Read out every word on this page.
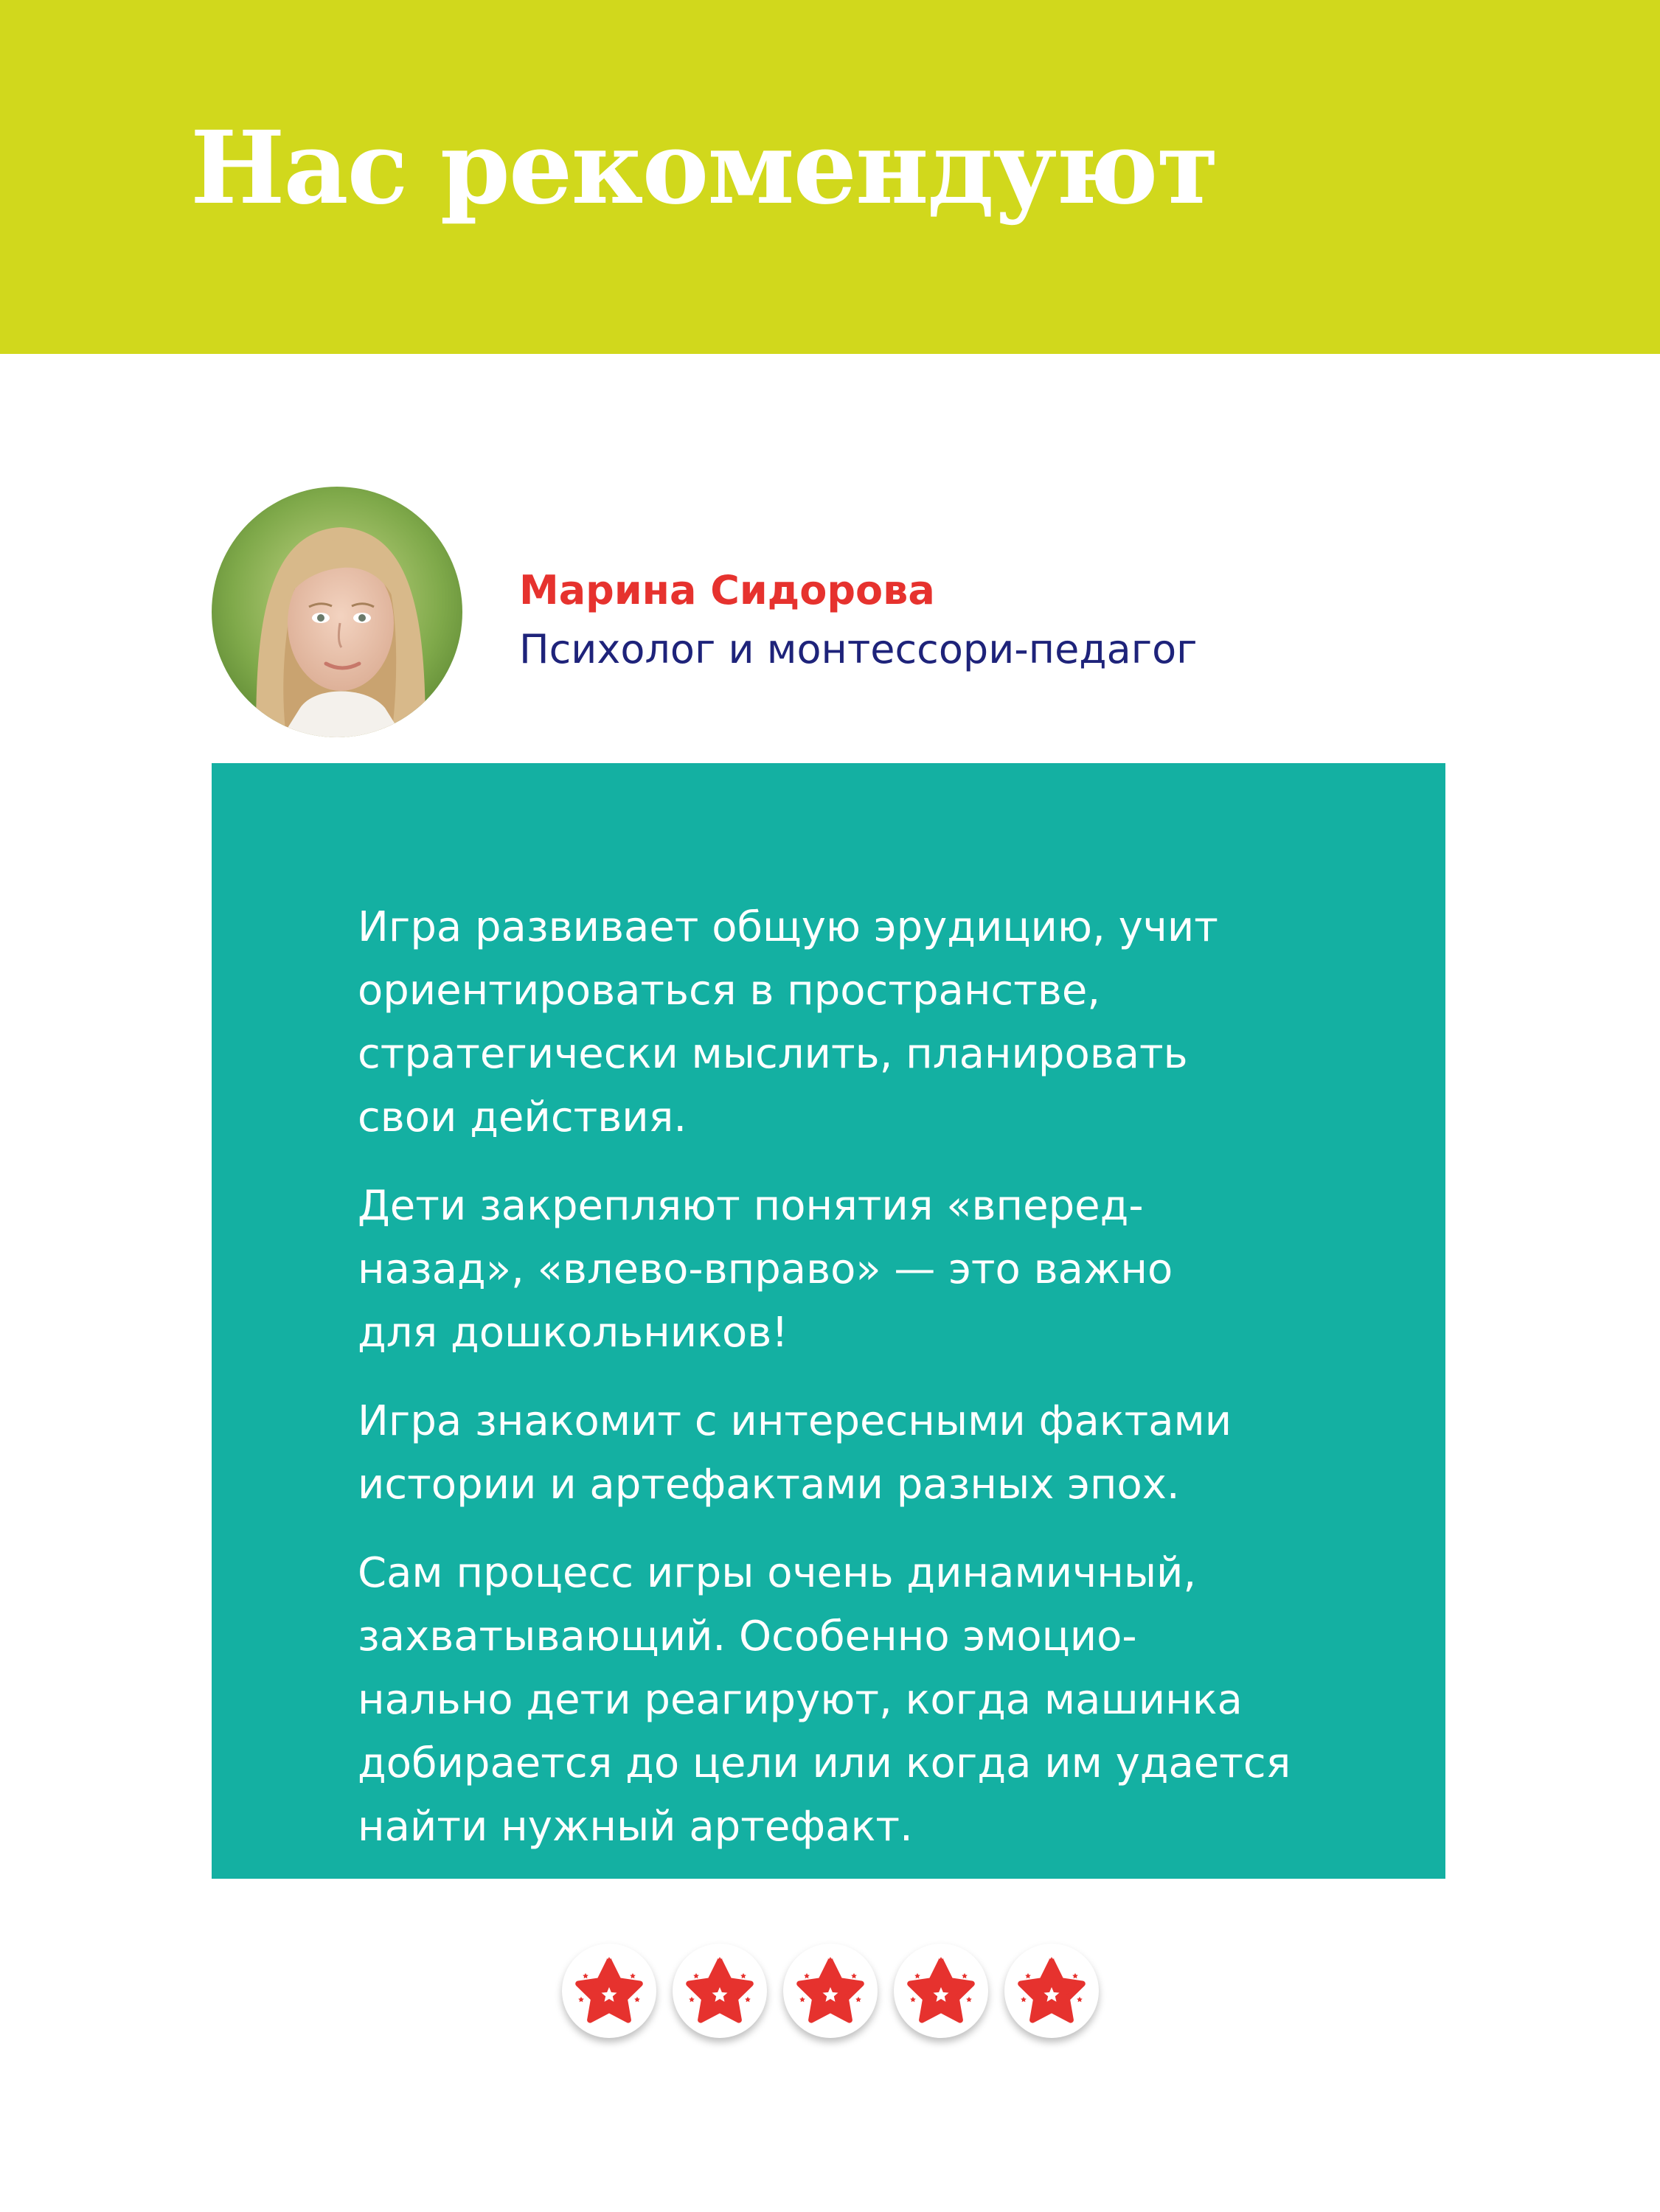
Нас рекомендуют

Марина Сидорова

Психолог и монтессори-педагог

Игра развивает общую эрудицию, учит
ориентироваться в пространстве,
стратегически мыслить, планировать
свои действия.

Дети закрепляют понятия «вперед-
назад», «влево-вправо» — это важно
для дошкольников!

Игра знакомит с интересными фактами
истории и артефактами разных эпох.

Сам процесс игры очень динамичный,
захватывающий. Особенно эмоцио-
нально дети реагируют, когда машинка
добирается до цели или когда им удается
найти нужный артефакт.
